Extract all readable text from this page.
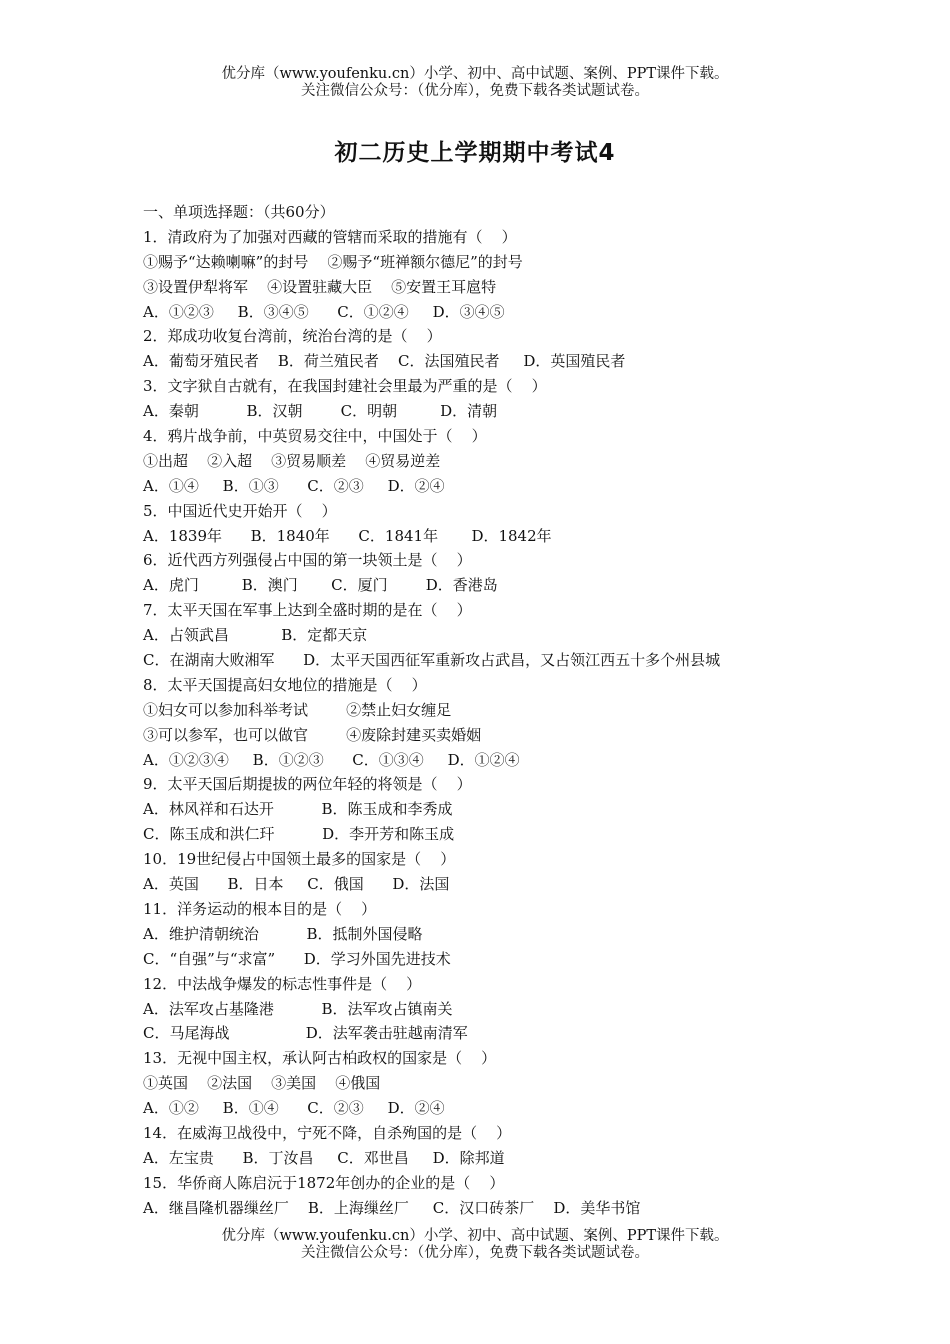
优分库（www.youfenku.cn）小学、初中、高中试题、案例、PPT课件下载。
关注微信公众号：（优分库），免费下载各类试题试卷。
初二历史上学期期中考试4
一、单项选择题：（共60分）
1．清政府为了加强对西藏的管辖而采取的措施有（    ）
①赐予“达赖喇嘛”的封号    ②赐予“班禅额尔德尼”的封号
③设置伊犁将军    ④设置驻藏大臣    ⑤安置王耳扈特
A．①②③     B．③④⑤      C．①②④     D．③④⑤
2．郑成功收复台湾前，统治台湾的是（    ）
A．葡萄牙殖民者    B．荷兰殖民者    C．法国殖民者     D．英国殖民者
3．文字狱自古就有，在我国封建社会里最为严重的是（    ）
A．秦朝          B．汉朝        C．明朝         D．清朝
4．鸦片战争前，中英贸易交往中，中国处于（    ）
①出超    ②入超    ③贸易顺差    ④贸易逆差
A．①④     B．①③      C．②③     D．②④
5．中国近代史开始开（    ）
A．1839年      B．1840年      C．1841年       D．1842年
6．近代西方列强侵占中国的第一块领土是（    ）
A．虎门         B．澳门       C．厦门        D．香港岛
7．太平天国在军事上达到全盛时期的是在（    ）
A．占领武昌           B．定都天京
C．在湖南大败湘军      D．太平天国西征军重新攻占武昌，又占领江西五十多个州县城
8．太平天国提高妇女地位的措施是（    ）
①妇女可以参加科举考试        ②禁止妇女缠足
③可以参军，也可以做官        ④废除封建买卖婚姻
A．①②③④     B．①②③      C．①③④     D．①②④
9．太平天国后期提拔的两位年轻的将领是（    ）
A．林风祥和石达开          B．陈玉成和李秀成
C．陈玉成和洪仁玕          D．李开芳和陈玉成
10．19世纪侵占中国领土最多的国家是（    ）
A．英国      B．日本     C．俄国      D．法国
11．洋务运动的根本目的是（    ）
A．维护清朝统治          B．抵制外国侵略
C．“自强”与“求富”      D．学习外国先进技术
12．中法战争爆发的标志性事件是（    ）
A．法军攻占基隆港          B．法军攻占镇南关
C．马尾海战                D．法军袭击驻越南清军
13．无视中国主权，承认阿古柏政权的国家是（    ）
①英国    ②法国    ③美国    ④俄国
A．①②     B．①④      C．②③     D．②④
14．在威海卫战役中，宁死不降，自杀殉国的是（    ）
A．左宝贵      B．丁汝昌     C．邓世昌     D．除邦道
15．华侨商人陈启沅于1872年创办的企业的是（    ）
A．继昌隆机器缫丝厂    B．上海缫丝厂     C．汉口砖茶厂    D．美华书馆
优分库（www.youfenku.cn）小学、初中、高中试题、案例、PPT课件下载。
关注微信公众号：（优分库），免费下载各类试题试卷。
